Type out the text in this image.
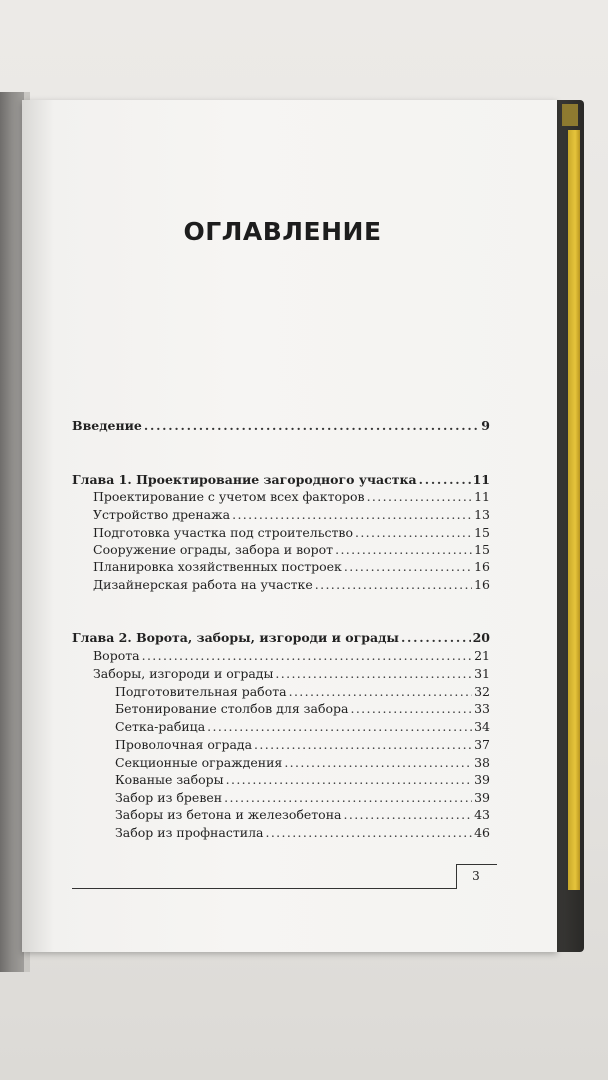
ОГЛАВЛЕНИЕ
Введение . . .	9
Глава 1. Проектирование загородного участка . . .	11
Проектирование с учетом всех факторов . . .	11
Устройство дренажа . . .	13
Подготовка участка под строительство . . .	15
Сооружение ограды, забора и ворот . . .	15
Планировка хозяйственных построек . . .	16
Дизайнерская работа на участке . . .	16
Глава 2. Ворота, заборы, изгороди и ограды . . .	20
Ворота . . .	21
Заборы, изгороди и ограды . . .	31
Подготовительная работа . . .	32
Бетонирование столбов для забора . . .	33
Сетка-рабица . . .	34
Проволочная ограда . . .	37
Секционные ограждения . . .	38
Кованые заборы . . .	39
Забор из бревен . . .	39
Заборы из бетона и железобетона . . .	43
Забор из профнастила . . .	46
3
